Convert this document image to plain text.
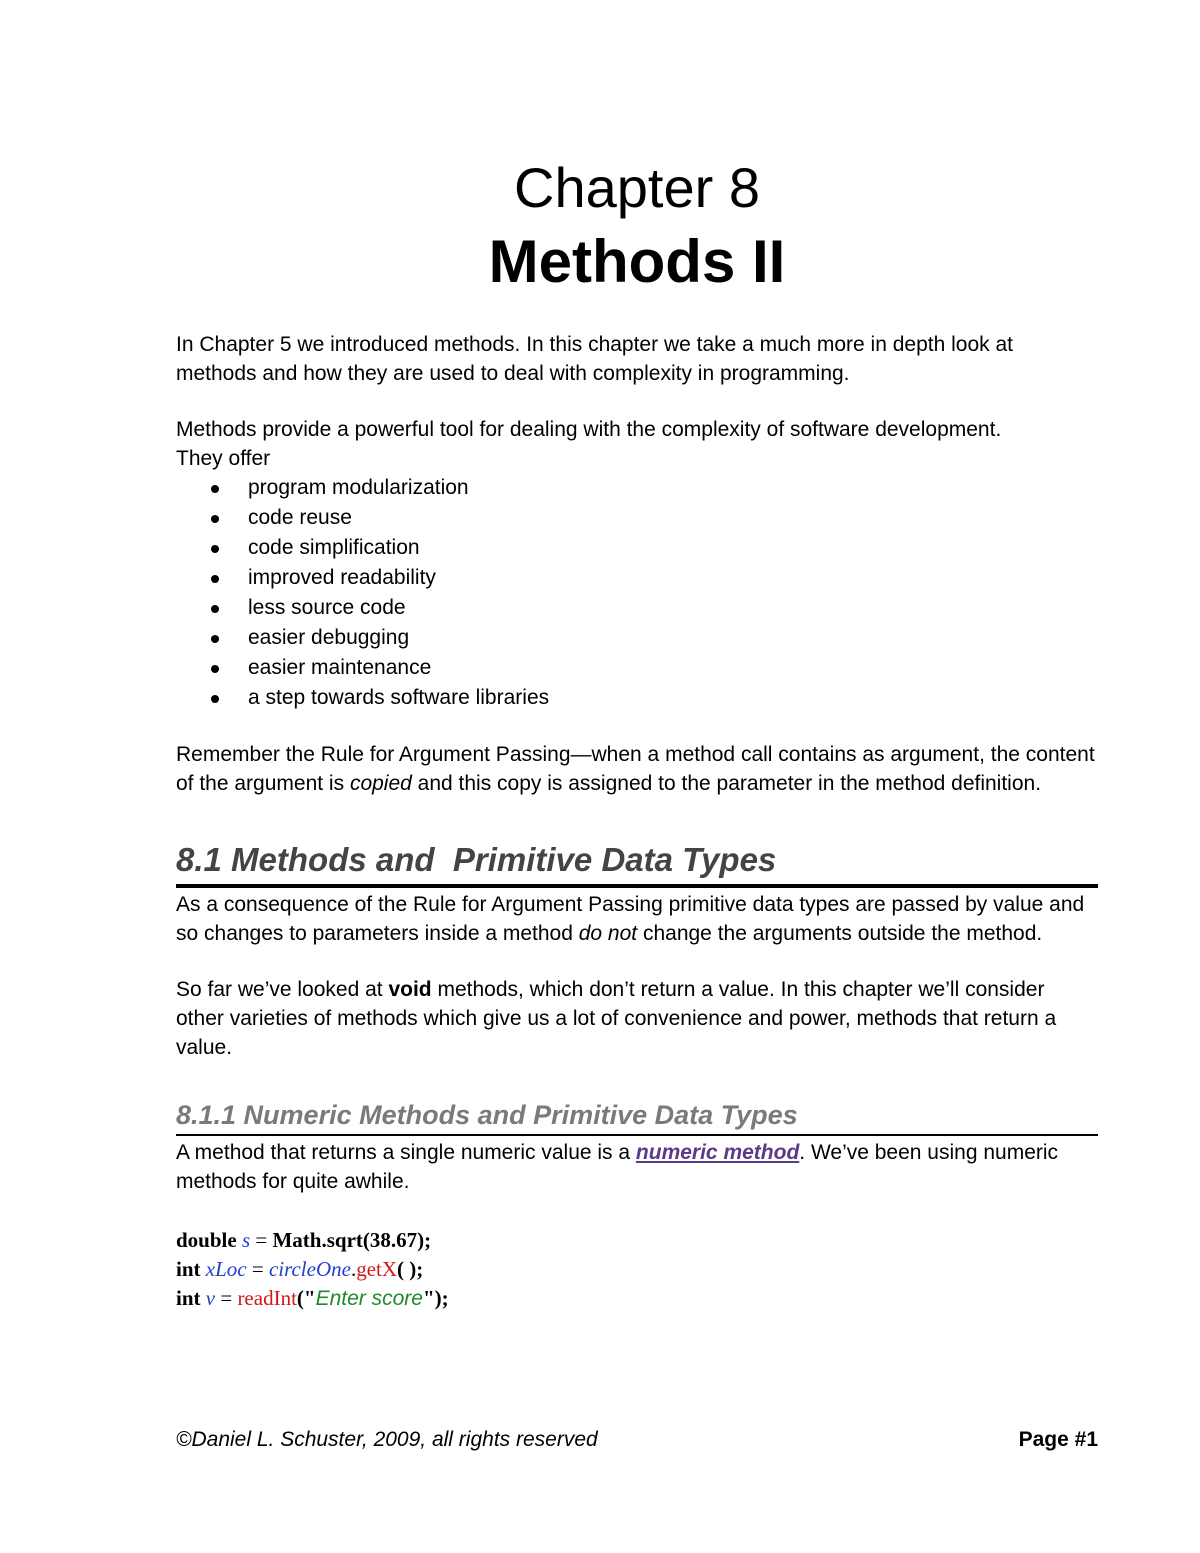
Chapter 8
Methods II

In Chapter 5 we introduced methods. In this chapter we take a much more in depth look at methods and how they are used to deal with complexity in programming.

Methods provide a powerful tool for dealing with the complexity of software development.
They offer

program modularization
code reuse
code simplification
improved readability
less source code
easier debugging
easier maintenance
a step towards software libraries

Remember the Rule for Argument Passing—when a method call contains as argument, the content of the argument is copied and this copy is assigned to the parameter in the method definition.

8.1 Methods and  Primitive Data Types

As a consequence of the Rule for Argument Passing primitive data types are passed by value and so changes to parameters inside a method do not change the arguments outside the method.

So far we’ve looked at void methods, which don’t return a value. In this chapter we’ll consider other varieties of methods which give us a lot of convenience and power, methods that return a value.

8.1.1 Numeric Methods and Primitive Data Types

A method that returns a single numeric value is a numeric method. We’ve been using numeric methods for quite awhile.

double s = Math.sqrt(38.67);
int xLoc = circleOne.getX( );
int v = readInt("Enter score");
©Daniel L. Schuster, 2009, all rights reserved	Page #1
